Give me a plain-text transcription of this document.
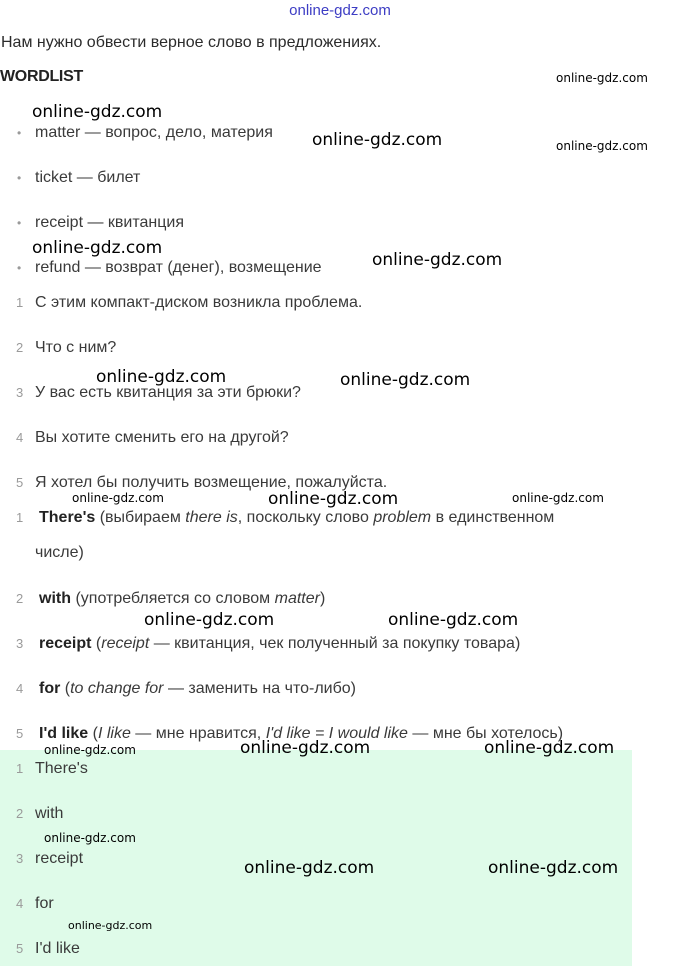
online-gdz.com
Нам нужно обвести верное слово в предложениях.
WORDLIST
• matter — вопрос, дело, материя
• ticket — билет
• receipt — квитанция
• refund — возврат (денег), возмещение
1 С этим компакт-диском возникла проблема.
2 Что с ним?
3 У вас есть квитанция за эти брюки?
4 Вы хотите сменить его на другой?
5 Я хотел бы получить возмещение, пожалуйста.
1 There's (выбираем there is, поскольку слово problem в единственном
числе)
2 with (употребляется со словом matter)
3 receipt (receipt — квитанция, чек полученный за покупку товара)
4 for (to change for — заменить на что-либо)
5 I'd like (I like — мне нравится, I'd like = I would like — мне бы хотелось)
1 There's
2 with
3 receipt
4 for
5 I'd like
online-gdz.com
online-gdz.com
online-gdz.com	online-gdz.com
online-gdz.com
online-gdz.com
online-gdz.com	online-gdz.com
online-gdz.com	online-gdz.com	online-gdz.com
online-gdz.com	online-gdz.com
online-gdz.com	online-gdz.com	online-gdz.com
online-gdz.com
online-gdz.com	online-gdz.com
online-gdz.com
